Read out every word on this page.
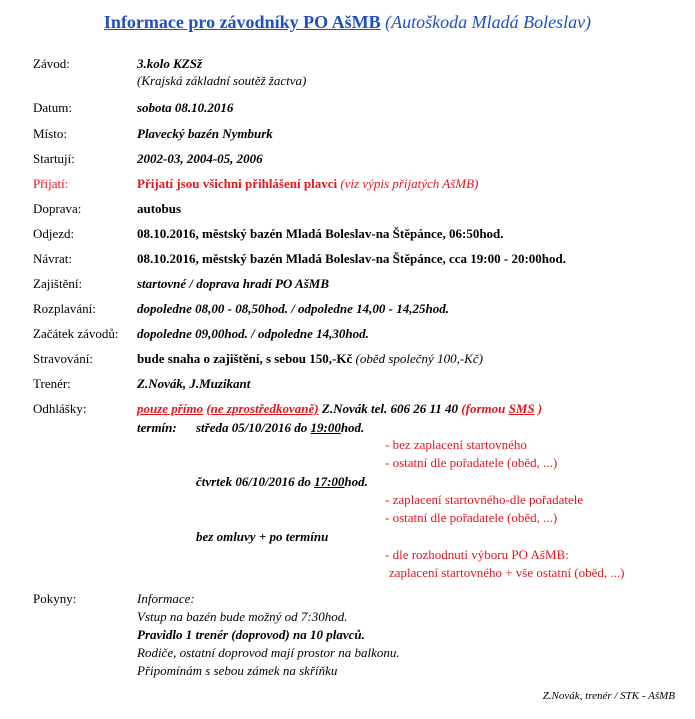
Informace pro závodníky PO AšMB (Autoškoda Mladá Boleslav)
Závod:	3.kolo KZSž
(Krajská základní soutěž žactva)
Datum:	sobota 08.10.2016
Místo:	Plavecký bazén Nymburk
Startují:	2002-03, 2004-05, 2006
Přijatí:	Přijatí jsou všichni přihlášení plavci (viz výpis přijatých AšMB)
Doprava:	autobus
Odjezd:	08.10.2016, městský bazén Mladá Boleslav-na Štěpánce, 06:50hod.
Návrat:	08.10.2016, městský bazén Mladá Boleslav-na Štěpánce, cca 19:00 - 20:00hod.
Zajištění:	startovné / doprava hradí PO AšMB
Rozplavání:	dopoledne 08,00 - 08,50hod. / odpoledne 14,00 - 14,25hod.
Začátek závodů: dopoledne 09,00hod. / odpoledne 14,30hod.
Stravování:	bude snaha o zajištění, s sebou 150,-Kč (oběd společný 100,-Kč)
Trenér:	Z.Novák, J.Muzikant
Odhlášky:	pouze přímo (ne zprostředkovaně) Z.Novák tel. 606 26 11 40 (formou SMS )
termín: středa 05/10/2016 do 19:00hod.
- bez zaplacení startovného
- ostatní dle pořadatele (oběd, ...)
čtvrtek 06/10/2016 do 17:00hod.
- zaplacení startovného-dle pořadatele
- ostatní dle pořadatele (oběd, ...)
bez omluvy + po termínu
- dle rozhodnutí výboru PO AšMB:
zaplacení startovného + vše ostatní (oběd, ...)
Pokyny:	Informace:
Vstup na bazén bude možný od 7:30hod.
Pravidlo 1 trenér (doprovod) na 10 plavců.
Rodiče, ostatní doprovod mají prostor na balkonu.
Připomínám s sebou zámek na skříňku
Z.Novák, trenér / STK - AšMB
